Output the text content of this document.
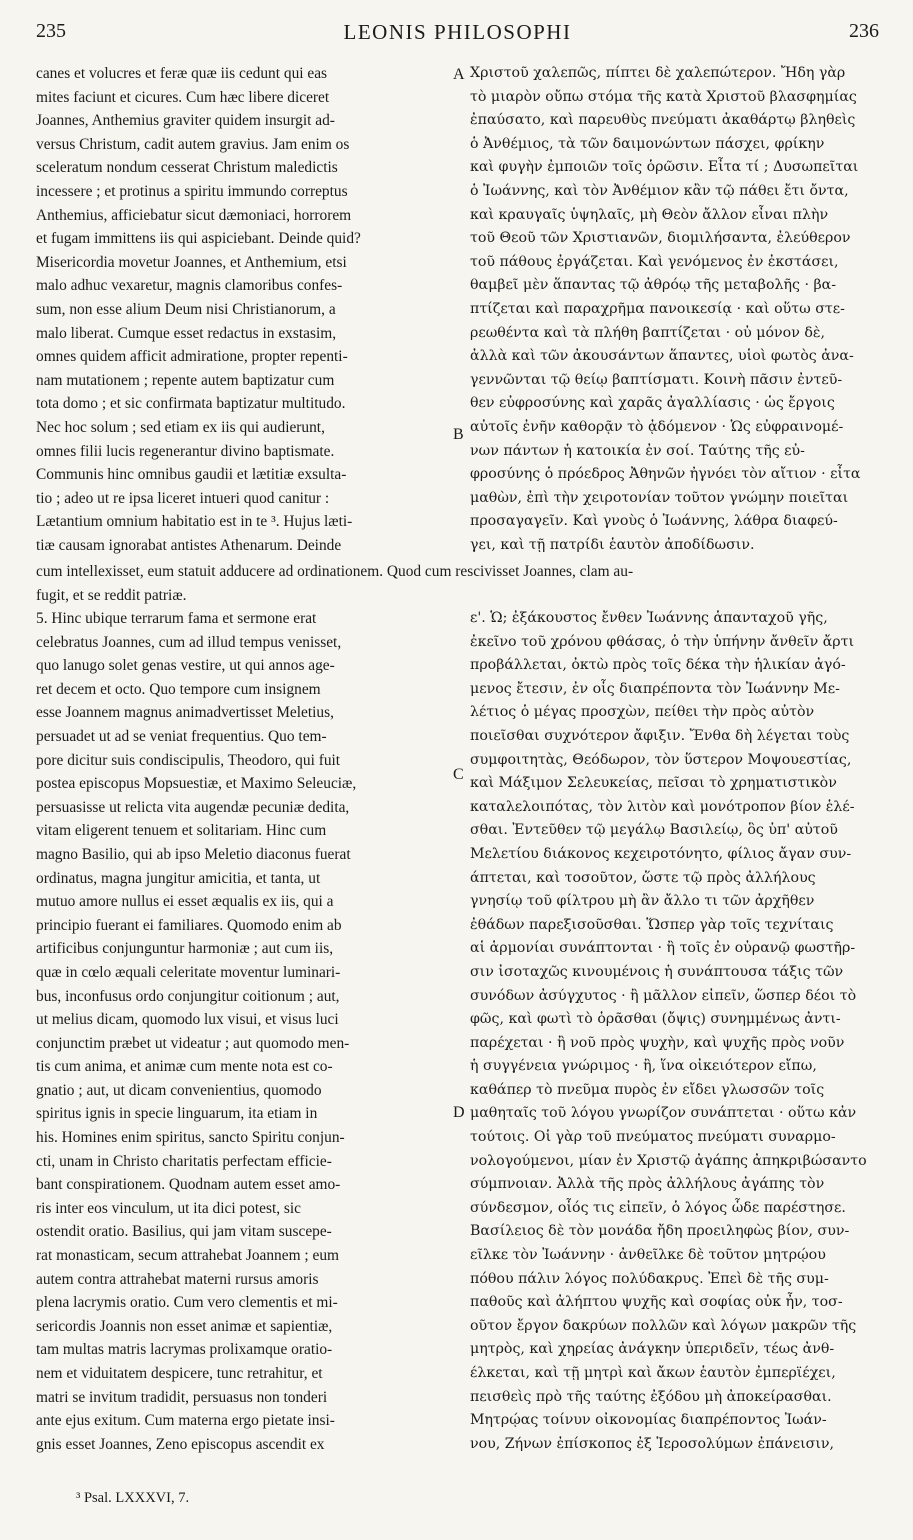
235	LEONIS PHILOSOPHI	236
canes et volucres et feræ quæ iis cedunt qui eas
mites faciunt et cicures. Cum hæc libere diceret
Joannes, Anthemius graviter quidem insurgit ad-
versus Christum, cadit autem gravius. Jam enim os
sceleratum nondum cesserat Christum maledictis
incessere ; et protinus a spiritu immundo correptus
Anthemius, afficiebatur sicut dæmoniaci, horrorem
et fugam immittens iis qui aspiciebant. Deinde quid?
Misericordia movetur Joannes, et Anthemium, etsi
malo adhuc vexaretur, magnis clamoribus confes-
sum, non esse alium Deum nisi Christianorum, a
malo liberat. Cumque esset redactus in exstasim,
omnes quidem afficit admiratione, propter repenti-
nam mutationem ; repente autem baptizatur cum
tota domo ; et sic confirmata baptizatur multitudo.
Nec hoc solum ; sed etiam ex iis qui audierunt,
omnes filii lucis regenerantur divino baptismate.
Communis hinc omnibus gaudii et lætitiæ exsulta-
tio ; adeo ut re ipsa liceret intueri quod canitur :
Lætantium omnium habitatio est in te ³. Hujus læti-
tiæ causam ignorabat antistes Athenarum. Deinde
Χριστοῦ χαλεπῶς, πίπτει δὲ χαλεπώτερον. Ἤδη γὰρ
τὸ μιαρὸν οὔπω στόμα τῆς κατὰ Χριστοῦ βλασφημίας
ἐπαύσατο, καὶ παρευθὺς πνεύματι ἀκαθάρτῳ βληθεὶς
ὁ Ἀνθέμιος, τὰ τῶν δαιμονώντων πάσχει, φρίκην
καὶ φυγὴν ἐμποιῶν τοῖς ὁρῶσιν. Εἶτα τί ; Δυσωπεῖται
ὁ Ἰωάννης, καὶ τὸν Ἀνθέμιον κἂν τῷ πάθει ἔτι ὄντα,
καὶ κραυγαῖς ὑψηλαῖς, μὴ Θεὸν ἄλλον εἶναι πλὴν
τοῦ Θεοῦ τῶν Χριστιανῶν, διομιλήσαντα, ἐλεύθερον
τοῦ πάθους ἐργάζεται. Καὶ γενόμενος ἐν ἐκστάσει,
θαμβεῖ μὲν ἅπαντας τῷ ἀθρόῳ τῆς μεταβολῆς · βα-
πτίζεται καὶ παραχρῆμα πανοικεσίᾳ · καὶ οὕτω στε-
ρεωθέντα καὶ τὰ πλήθη βαπτίζεται · οὐ μόνον δὲ,
ἀλλὰ καὶ τῶν ἀκουσάντων ἅπαντες, υἱοὶ φωτὸς ἀνα-
γεννῶνται τῷ θείῳ βαπτίσματι. Κοινὴ πᾶσιν ἐντεῦ-
θεν εὐφροσύνης καὶ χαρᾶς ἀγαλλίασις · ὡς ἔργοις
αὐτοῖς ἐνῆν καθορᾷν τὸ ᾀδόμενον · Ὡς εὐφραινομέ-
νων πάντων ἡ κατοικία ἐν σοί. Ταύτης τῆς εὐ-
φροσύνης ὁ πρόεδρος Ἀθηνῶν ἠγνόει τὸν αἴτιον · εἶτα
μαθὼν, ἐπὶ τὴν χειροτονίαν τοῦτον γνώμην ποιεῖται
προσαγαγεῖν. Καὶ γνοὺς ὁ Ἰωάννης, λάθρα διαφεύ-
γει, καὶ τῇ πατρίδι ἑαυτὸν ἀποδίδωσιν.
cum intellexisset, eum statuit adducere ad ordinationem. Quod cum rescivisset Joannes, clam au-
fugit, et se reddit patriæ.
5. Hinc ubique terrarum fama et sermone erat
celebratus Joannes, cum ad illud tempus venisset,
quo lanugo solet genas vestire, ut qui annos age-
ret decem et octo. Quo tempore cum insignem
esse Joannem magnus animadvertisset Meletius,
persuadet ut ad se veniat frequentius. Quo tem-
pore dicitur suis condiscipulis, Theodoro, qui fuit
postea episcopus Mopsuestiæ, et Maximo Seleuciæ,
persuasisse ut relicta vita augendæ pecuniæ dedita,
vitam eligerent tenuem et solitariam. Hinc cum
magno Basilio, qui ab ipso Meletio diaconus fuerat
ordinatus, magna jungitur amicitia, et tanta, ut
mutuo amore nullus ei esset æqualis ex iis, qui a
principio fuerant ei familiares. Quomodo enim ab
artificibus conjunguntur harmoniæ ; aut cum iis,
quæ in cœlo æquali celeritate moventur luminari-
bus, inconfusus ordo conjungitur coitionum ; aut,
ut melius dicam, quomodo lux visui, et visus luci
conjunctim præbet ut videatur ; aut quomodo men-
tis cum anima, et animæ cum mente nota est co-
gnatio ; aut, ut dicam convenientius, quomodo
spiritus ignis in specie linguarum, ita etiam in
his. Homines enim spiritus, sancto Spiritu conjun-
cti, unam in Christo charitatis perfectam efficie-
bant conspirationem. Quodnam autem esset amo-
ris inter eos vinculum, ut ita dici potest, sic
ostendit oratio. Basilius, qui jam vitam suscepe-
rat monasticam, secum attrahebat Joannem ; eum
autem contra attrahebat materni rursus amoris
plena lacrymis oratio. Cum vero clementis et mi-
sericordis Joannis non esset animæ et sapientiæ,
tam multas matris lacrymas prolixamque oratio-
nem et viduitatem despicere, tunc retrahitur, et
matri se invitum tradidit, persuasus non tonderi
ante ejus exitum. Cum materna ergo pietate insi-
gnis esset Joannes, Zeno episcopus ascendit ex
ε'. Ὡ; ἐξάκουστος ἔνθεν Ἰωάννης ἁπανταχοῦ γῆς,
ἐκεῖνο τοῦ χρόνου φθάσας, ὁ τὴν ὑπήνην ἄνθεῖν ἄρτι
προβάλλεται, ὀκτὼ πρὸς τοῖς δέκα τὴν ἡλικίαν ἀγό-
μενος ἔτεσιν, ἐν οἷς διαπρέποντα τὸν Ἰωάννην Με-
λέτιος ὁ μέγας προσχὼν, πείθει τὴν πρὸς αὐτὸν
ποιεῖσθαι συχνότερον ἄφιξιν. Ἔνθα δὴ λέγεται τοὺς
συμφοιτητὰς, Θεόδωρον, τὸν ὕστερον Μοψουεστίας,
καὶ Μάξιμον Σελευκείας, πεῖσαι τὸ χρηματιστικὸν
καταλελοιπότας, τὸν λιτὸν καὶ μονότροπον βίον ἑλέ-
σθαι. Ἐντεῦθεν τῷ μεγάλῳ Βασιλείῳ, ὃς ὑπ' αὐτοῦ
Μελετίου διάκονος κεχειροτόνητο, φίλιος ἄγαν συν-
άπτεται, καὶ τοσοῦτον, ὥστε τῷ πρὸς ἀλλήλους
γνησίῳ τοῦ φίλτρου μὴ ἂν ἄλλο τι τῶν ἀρχῆθεν
ἐθάδων παρεξισοῦσθαι. Ὥσπερ γὰρ τοῖς τεχνίταις
αἱ ἁρμονίαι συνάπτονται · ἢ τοῖς ἐν οὐρανῷ φωστῆρ-
σιν ἰσοταχῶς κινουμένοις ἡ συνάπτουσα τάξις τῶν
συνόδων ἀσύγχυτος · ἢ μᾶλλον εἰπεῖν, ὥσπερ δέοι τὸ
φῶς, καὶ φωτὶ τὸ ὁρᾶσθαι (ὄψις) συνημμένως ἀντι-
παρέχεται · ἢ νοῦ πρὸς ψυχὴν, καὶ ψυχῆς πρὸς νοῦν
ἡ συγγένεια γνώριμος · ἢ, ἵνα οἰκειότερον εἴπω,
καθάπερ τὸ πνεῦμα πυρὸς ἐν εἴδει γλωσσῶν τοῖς
μαθηταῖς τοῦ λόγου γνωρίζον συνάπτεται · οὕτω κἀν
τούτοις. Οἱ γὰρ τοῦ πνεύματος πνεύματι συναρμο-
νολογούμενοι, μίαν ἐν Χριστῷ ἀγάπης ἀπηκριβώσαντο
σύμπνοιαν. Ἀλλὰ τῆς πρὸς ἀλλήλους ἀγάπης τὸν
σύνδεσμον, οἷός τις εἰπεῖν, ὁ λόγος ὧδε παρέστησε.
Βασίλειος δὲ τὸν μονάδα ἤδη προειληφὼς βίον, συν-
εῖλκε τὸν Ἰωάννην · ἀνθεῖλκε δὲ τοῦτον μητρῴου
πόθου πάλιν λόγος πολύδακρυς. Ἐπεὶ δὲ τῆς συμ-
παθοῦς καὶ ἀλήπτου ψυχῆς καὶ σοφίας οὐκ ἦν, τοσ-
οῦτον ἔργον δακρύων πολλῶν καὶ λόγων μακρῶν τῆς
μητρὸς, καὶ χηρείας ἀνάγκην ὑπεριδεῖν, τέως ἀνθ-
έλκεται, καὶ τῇ μητρὶ καὶ ἄκων ἑαυτὸν ἐμπερϊέχει,
πεισθεὶς πρὸ τῆς ταύτης ἐξόδου μὴ ἀποκείρασθαι.
Μητρῴας τοίνυν οἰκονομίας διαπρέποντος Ἰωάν-
νου, Ζήνων ἐπίσκοπος ἐξ Ἱεροσολύμων ἐπάνεισιν,
A
B
C
D
³ Psal. LXXXVI, 7.
